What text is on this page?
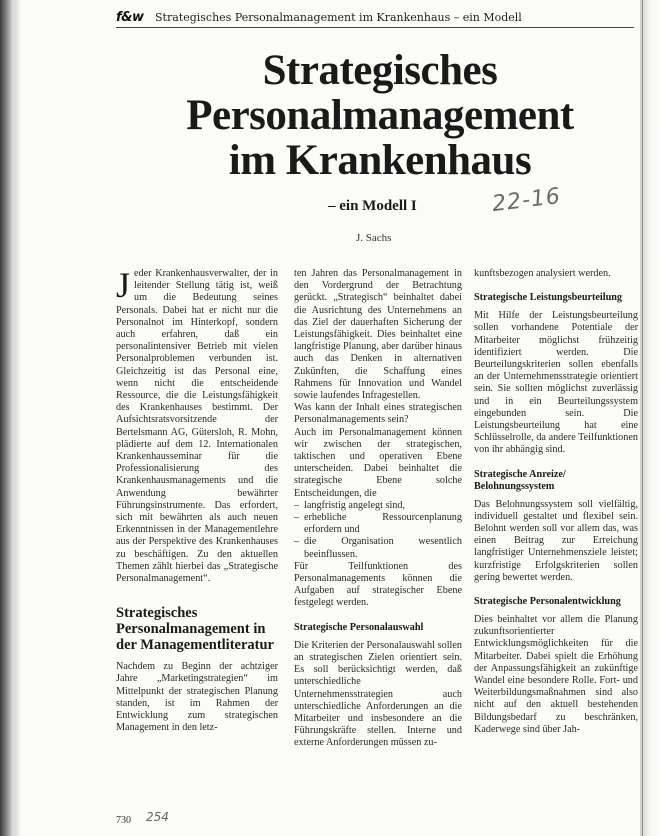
f&w Strategisches Personalmanagement im Krankenhaus – ein Modell
Strategisches
Personalmanagement
im Krankenhaus
– ein Modell I	22-16
J. Sachs

Jeder Krankenhausverwalter, der in leitender Stellung tätig ist, weiß um die Bedeutung seines Personals. Dabei hat er nicht nur die Personalnot im Hinterkopf, sondern auch erfahren, daß ein personalintensiver Betrieb mit vielen Personalproblemen verbunden ist. Gleichzeitig ist das Personal eine, wenn nicht die entscheidende Ressource, die die Leistungsfähigkeit des Krankenhauses bestimmt. Der Aufsichtsratsvorsitzende der Bertelsmann AG, Gütersloh, R. Mohn, plädierte auf dem 12. Internationalen Krankenhausseminar für die Professionalisierung des Krankenhausmanagements und die Anwendung bewährter Führungsinstrumente. Das erfordert, sich mit bewährten als auch neuen Erkenntnissen in der Managementlehre aus der Perspektive des Krankenhauses zu beschäftigen. Zu den aktuellen Themen zählt hierbei das „Strategische Personalmanagement“.

Strategisches Personalmanagement in der Managementliteratur

Nachdem zu Beginn der achtziger Jahre „Marketingstrategien“ im Mittelpunkt der strategischen Planung standen, ist im Rahmen der Entwicklung zum strategischen Management in den letz-

ten Jahren das Personalmanagement in den Vordergrund der Betrachtung gerückt. „Strategisch“ beinhaltet dabei die Ausrichtung des Unternehmens an das Ziel der dauerhaften Sicherung der Leistungsfähigkeit. Dies beinhaltet eine langfristige Planung, aber darüber hinaus auch das Denken in alternativen Zukünften, die Schaffung eines Rahmens für Innovation und Wandel sowie laufendes Infragestellen.

Was kann der Inhalt eines strategischen Personalmanagements sein?

Auch im Personalmanagement können wir zwischen der strategischen, taktischen und operativen Ebene unterscheiden. Dabei beinhaltet die strategische Ebene solche Entscheidungen, die

– langfristig angelegt sind,
– erhebliche Ressourcenplanung erfordern und
– die Organisation wesentlich beeinflussen.

Für Teilfunktionen des Personalmanagements können die Aufgaben auf strategischer Ebene festgelegt werden.

Strategische Personalauswahl

Die Kriterien der Personalauswahl sollen an strategischen Zielen orientiert sein. Es soll berücksichtigt werden, daß unterschiedliche Unternehmensstrategien auch unterschiedliche Anforderungen an die Mitarbeiter und insbesondere an die Führungskräfte stellen. Interne und externe Anforderungen müssen zu-

kunftsbezogen analysiert werden.

Strategische Leistungsbeurteilung

Mit Hilfe der Leistungsbeurteilung sollen vorhandene Potentiale der Mitarbeiter möglichst frühzeitig identifiziert werden. Die Beurteilungskriterien sollen ebenfalls an der Unternehmensstrategie orientiert sein. Sie sollten möglichst zuverlässig und in ein Beurteilungssystem eingebunden sein. Die Leistungsbeurteilung hat eine Schlüsselrolle, da andere Teilfunktionen von ihr abhängig sind.

Strategische Anreize/ Belohnungssystem

Das Belohnungssystem soll vielfältig, individuell gestaltet und flexibel sein. Belohnt werden soll vor allem das, was einen Beitrag zur Erreichung langfristiger Unternehmensziele leistet; kurzfristige Erfolgskriterien sollen gering bewertet werden.

Strategische Personalentwicklung

Dies beinhaltet vor allem die Planung zukunftsorientierter Entwicklungsmöglichkeiten für die Mitarbeiter. Dabei spielt die Erhöhung der Anpassungsfähigkeit an zukünftige Wandel eine besondere Rolle. Fort- und Weiterbildungsmaßnahmen sind also nicht auf den aktuell bestehenden Bildungsbedarf zu beschränken, Kaderwege sind über Jah-

730 254
